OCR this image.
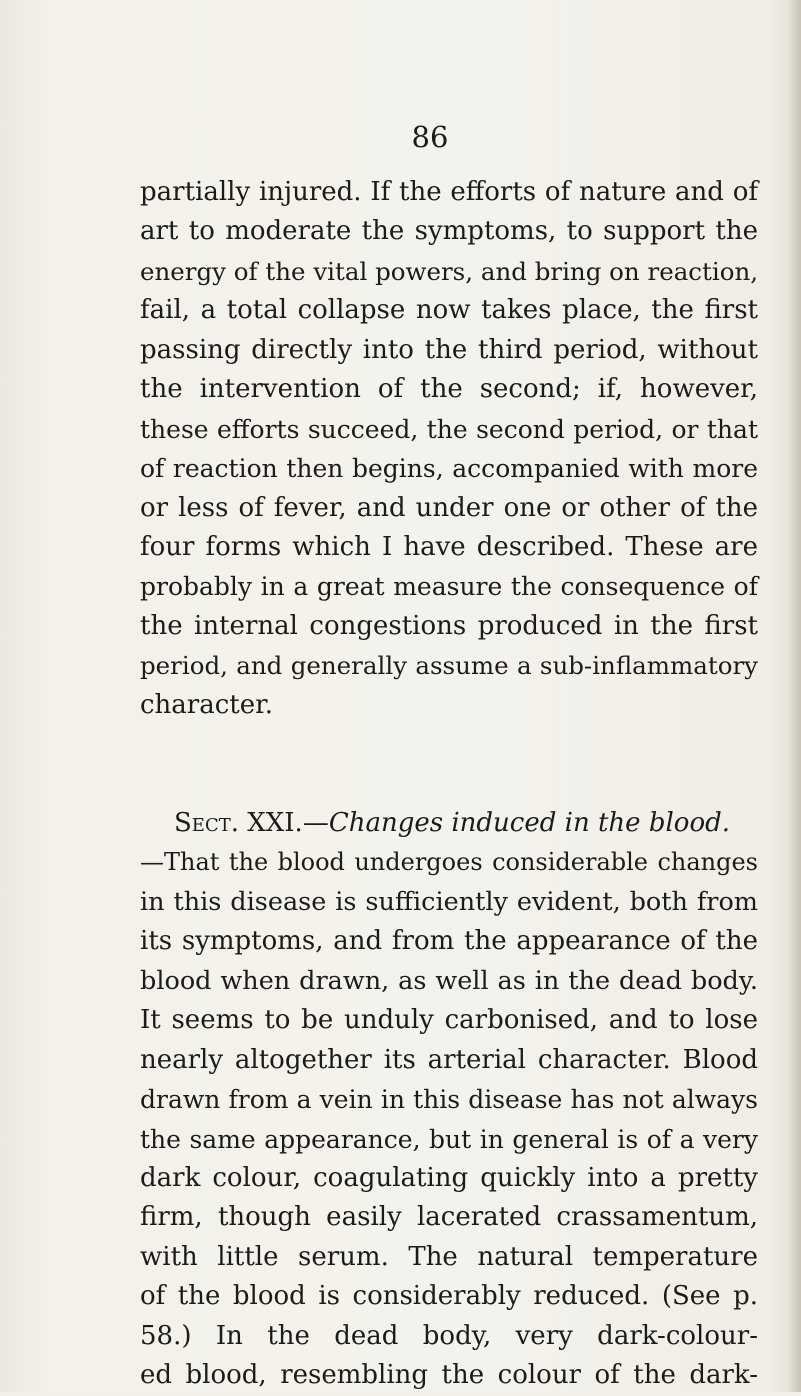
86
partially injured. If the efforts of nature and of
art to moderate the symptoms, to support the
energy of the vital powers, and bring on reaction,
fail, a total collapse now takes place, the first
passing directly into the third period, without
the intervention of the second; if, however,
these efforts succeed, the second period, or that
of reaction then begins, accompanied with more
or less of fever, and under one or other of the
four forms which I have described. These are
probably in a great measure the consequence of
the internal congestions produced in the first
period, and generally assume a sub-inflammatory
character.
Sect. XXI.—Changes induced in the blood.
—That the blood undergoes considerable changes
in this disease is sufficiently evident, both from
its symptoms, and from the appearance of the
blood when drawn, as well as in the dead body.
It seems to be unduly carbonised, and to lose
nearly altogether its arterial character. Blood
drawn from a vein in this disease has not always
the same appearance, but in general is of a very
dark colour, coagulating quickly into a pretty
firm, though easily lacerated crassamentum,
with little serum. The natural temperature
of the blood is considerably reduced. (See p.
58.) In the dead body, very dark-colour-
ed blood, resembling the colour of the dark-
